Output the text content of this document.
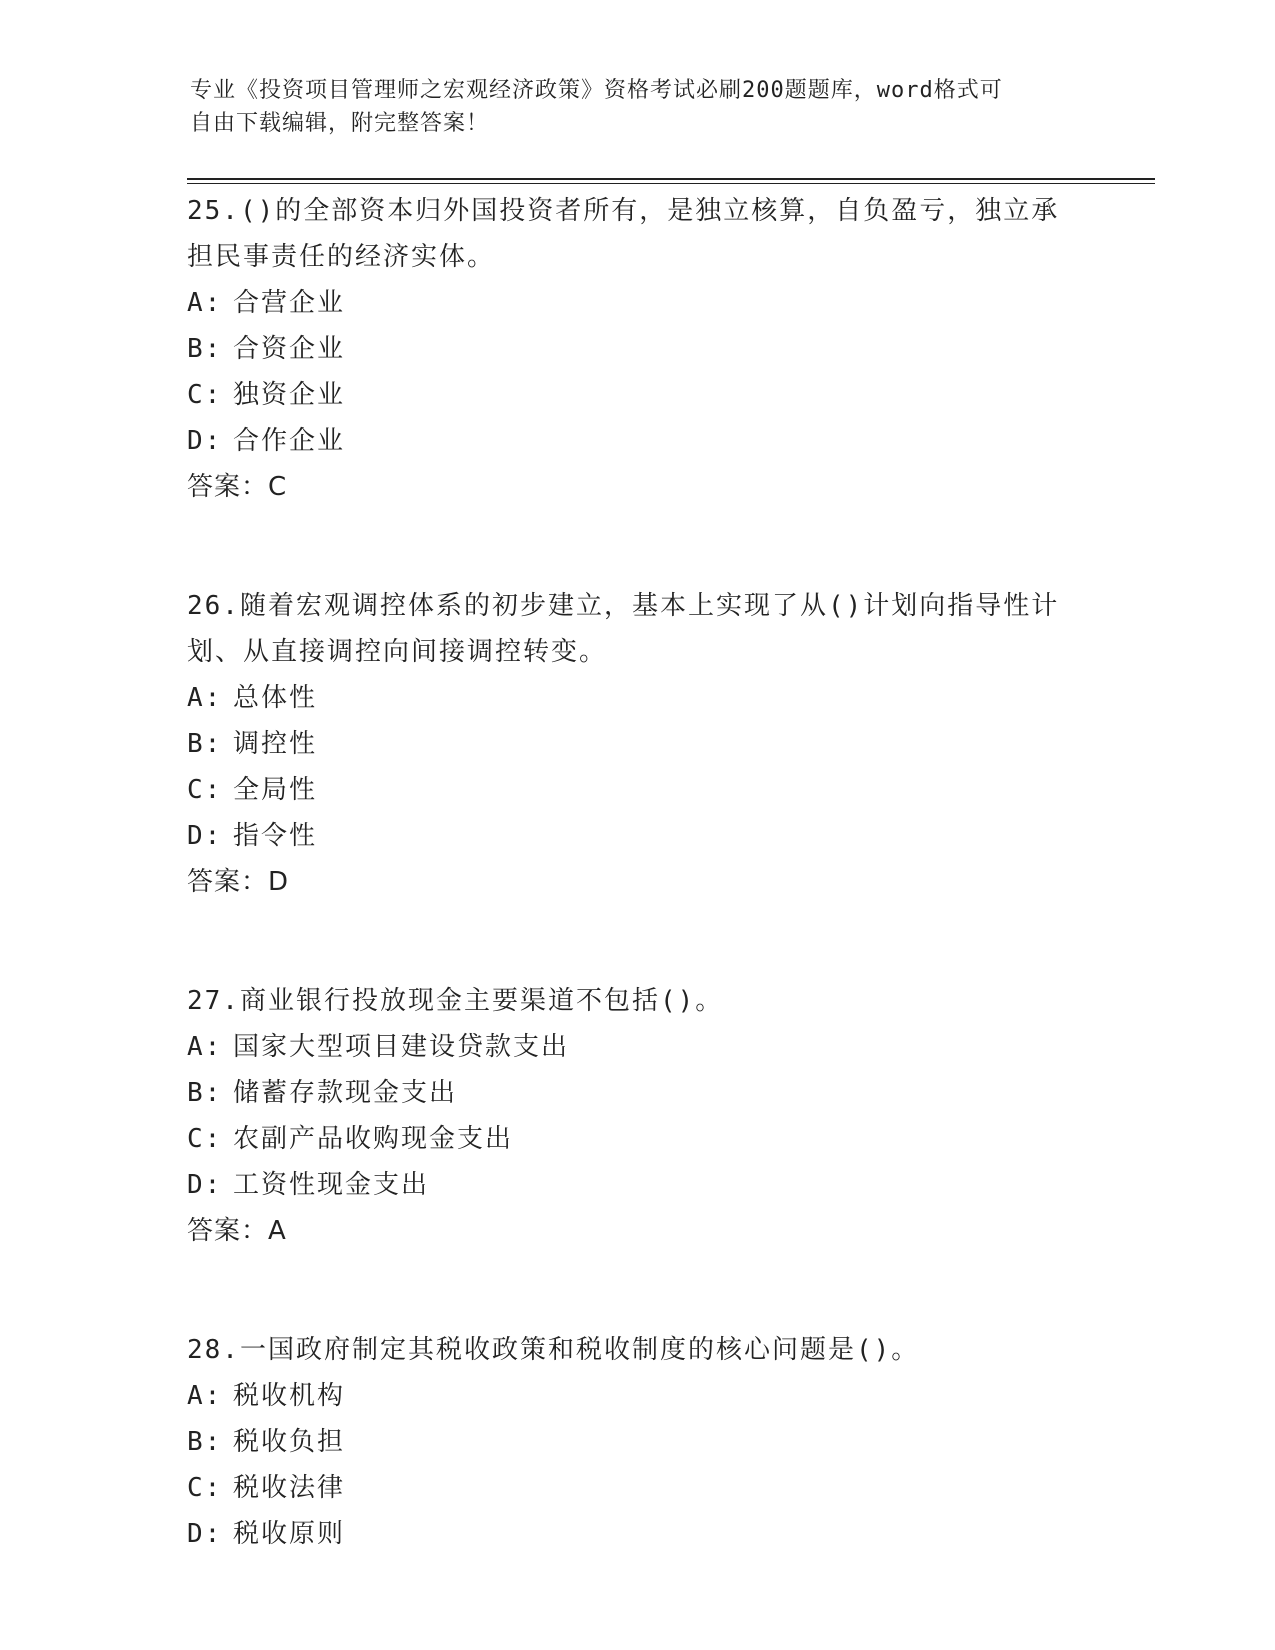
专业《投资项目管理师之宏观经济政策》资格考试必刷200题题库，word格式可
自由下载编辑，附完整答案！
25.()的全部资本归外国投资者所有，是独立核算，自负盈亏，独立承
担民事责任的经济实体。
A: 合营企业
B: 合资企业
C: 独资企业
D: 合作企业
答案：C
26.随着宏观调控体系的初步建立，基本上实现了从()计划向指导性计
划、从直接调控向间接调控转变。
A: 总体性
B: 调控性
C: 全局性
D: 指令性
答案：D
27.商业银行投放现金主要渠道不包括()。
A: 国家大型项目建设贷款支出
B: 储蓄存款现金支出
C: 农副产品收购现金支出
D: 工资性现金支出
答案：A
28.一国政府制定其税收政策和税收制度的核心问题是()。
A: 税收机构
B: 税收负担
C: 税收法律
D: 税收原则
